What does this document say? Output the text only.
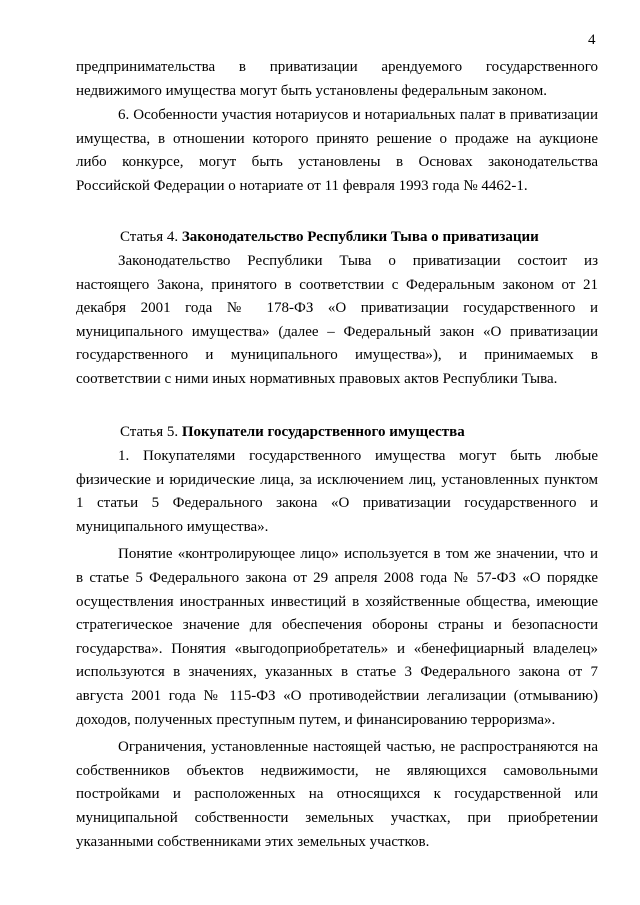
4
предпринимательства в приватизации арендуемого государственного
недвижимого имущества могут быть установлены федеральным законом.
6. Особенности участия нотариусов и нотариальных палат в приватизации
имущества, в отношении которого принято решение о продаже на аукционе
либо конкурсе, могут быть установлены в Основах законодательства
Российской Федерации о нотариате от 11 февраля 1993 года № 4462-1.
Статья 4. Законодательство Республики Тыва о приватизации
Законодательство Республики Тыва о приватизации состоит из
настоящего Закона, принятого в соответствии с Федеральным законом от 21
декабря 2001 года № 178-ФЗ «О приватизации государственного и
муниципального имущества» (далее – Федеральный закон «О приватизации
государственного и муниципального имущества»), и принимаемых в
соответствии с ними иных нормативных правовых актов Республики Тыва.
Статья 5. Покупатели государственного имущества
1. Покупателями государственного имущества могут быть любые
физические и юридические лица, за исключением лиц, установленных пунктом
1 статьи 5 Федерального закона «О приватизации государственного и
муниципального имущества».
Понятие «контролирующее лицо» используется в том же значении, что и
в статье 5 Федерального закона от 29 апреля 2008 года № 57-ФЗ «О порядке
осуществления иностранных инвестиций в хозяйственные общества, имеющие
стратегическое значение для обеспечения обороны страны и безопасности
государства». Понятия «выгодоприобретатель» и «бенефициарный владелец»
используются в значениях, указанных в статье 3 Федерального закона от 7
августа 2001 года № 115-ФЗ «О противодействии легализации (отмыванию)
доходов, полученных преступным путем, и финансированию терроризма».
Ограничения, установленные настоящей частью, не распространяются на
собственников объектов недвижимости, не являющихся самовольными
постройками и расположенных на относящихся к государственной или
муниципальной собственности земельных участках, при приобретении
указанными собственниками этих земельных участков.
